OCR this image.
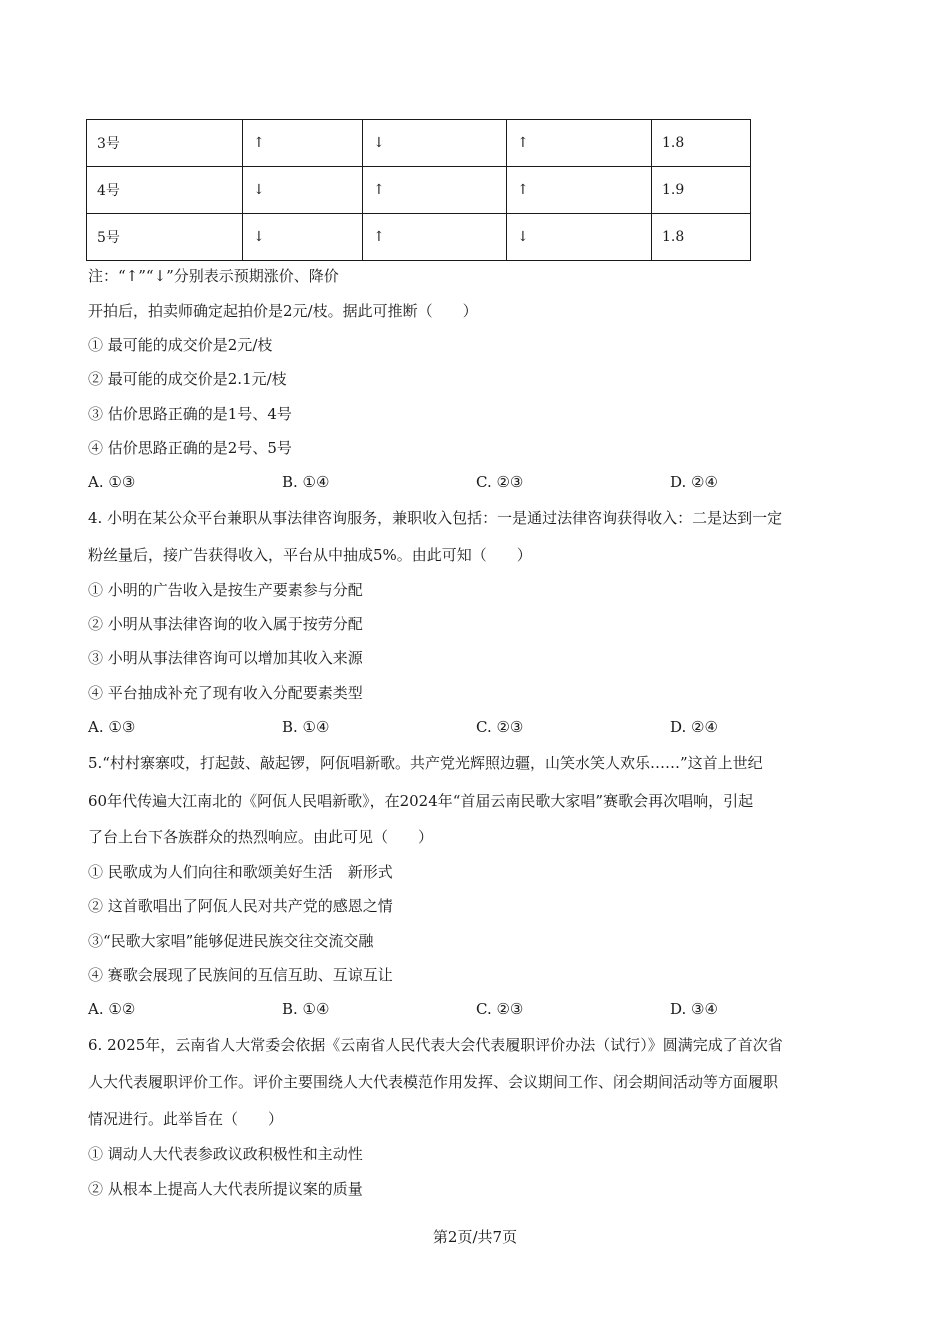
3号	↑	↓	↑	1.8
4号	↓	↑	↑	1.9
5号	↓	↑	↓	1.8
注：“↑”“↓”分别表示预期涨价、降价
开拍后，拍卖师确定起拍价是2元/枝。据此可推断（　　）
① 最可能的成交价是2元/枝
② 最可能的成交价是2.1元/枝
③ 估价思路正确的是1号、4号
④ 估价思路正确的是2号、5号
A. ①③	B. ①④	C. ②③	D. ②④
4. 小明在某公众平台兼职从事法律咨询服务，兼职收入包括：一是通过法律咨询获得收入：二是达到一定
粉丝量后，接广告获得收入，平台从中抽成5%。由此可知（　　）
① 小明的广告收入是按生产要素参与分配
② 小明从事法律咨询的收入属于按劳分配
③ 小明从事法律咨询可以增加其收入来源
④ 平台抽成补充了现有收入分配要素类型
A. ①③	B. ①④	C. ②③	D. ②④
5.“村村寨寨哎，打起鼓、敲起锣，阿佤唱新歌。共产党光辉照边疆，山笑水笑人欢乐……”这首上世纪
60年代传遍大江南北的《阿佤人民唱新歌》，在2024年“首届云南民歌大家唱”赛歌会再次唱响，引起
了台上台下各族群众的热烈响应。由此可见（　　）
① 民歌成为人们向往和歌颂美好生活　新形式
② 这首歌唱出了阿佤人民对共产党的感恩之情
③“民歌大家唱”能够促进民族交往交流交融
④ 赛歌会展现了民族间的互信互助、互谅互让
A. ①②	B. ①④	C. ②③	D. ③④
6. 2025年，云南省人大常委会依据《云南省人民代表大会代表履职评价办法（试行）》圆满完成了首次省
人大代表履职评价工作。评价主要围绕人大代表模范作用发挥、会议期间工作、闭会期间活动等方面履职
情况进行。此举旨在（　　）
① 调动人大代表参政议政积极性和主动性
② 从根本上提高人大代表所提议案的质量
第2页/共7页
